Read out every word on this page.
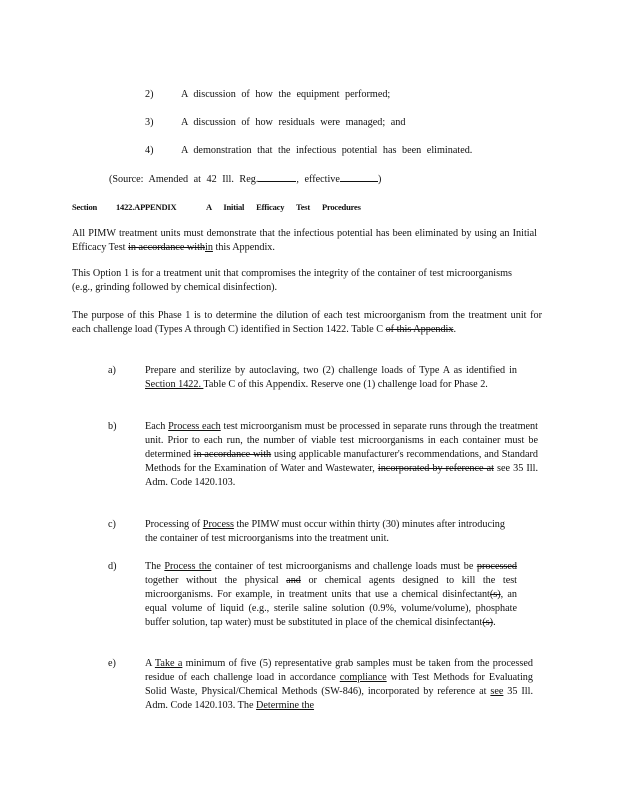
2)	A discussion of how the equipment performed;
3)	A discussion of how residuals were managed; and
4)	A demonstration that the infectious potential has been eliminated.
(Source: Amended at 42 Ill. Reg.	, effective	)
Section 1422.APPENDIX	A Initial Efficacy Test Procedures
All PIMW treatment units must demonstrate that the infectious potential has been eliminated by using an Initial Efficacy Test in accordance within this Appendix.
This Option 1 is for a treatment unit that compromises the integrity of the container of test microorganisms (e.g., grinding followed by chemical disinfection).
The purpose of this Phase 1 is to determine the dilution of each test microorganism from the treatment unit for each challenge load (Types A through C) identified in Section 1422. Table C of this Appendix.
a)	Prepare and sterilize by autoclaving, two (2) challenge loads of Type A as identified in Section 1422. Table C of this Appendix. Reserve one (1) challenge load for Phase 2.
b)	Each Process each test microorganism must be processed in separate runs through the treatment unit. Prior to each run, the number of viable test microorganisms in each container must be determined in accordance with using applicable manufacturer's recommendations, and Standard Methods for the Examination of Water and Wastewater, incorporated by reference at see 35 Ill. Adm. Code 1420.103.
c)	Processing of Process the PIMW must occur within thirty (30) minutes after introducing the container of test microorganisms into the treatment unit.
d)	The Process the container of test microorganisms and challenge loads must be processed together without the physical and or chemical agents designed to kill the test microorganisms. For example, in treatment units that use a chemical disinfectant(s), an equal volume of liquid (e.g., sterile saline solution (0.9%, volume/volume), phosphate buffer solution, tap water) must be substituted in place of the chemical disinfectant(s).
e)	A Take a minimum of five (5) representative grab samples must be taken from the processed residue of each challenge load in accordance compliance with Test Methods for Evaluating Solid Waste, Physical/Chemical Methods (SW-846), incorporated by reference at see 35 Ill. Adm. Code 1420.103. The Determine the
